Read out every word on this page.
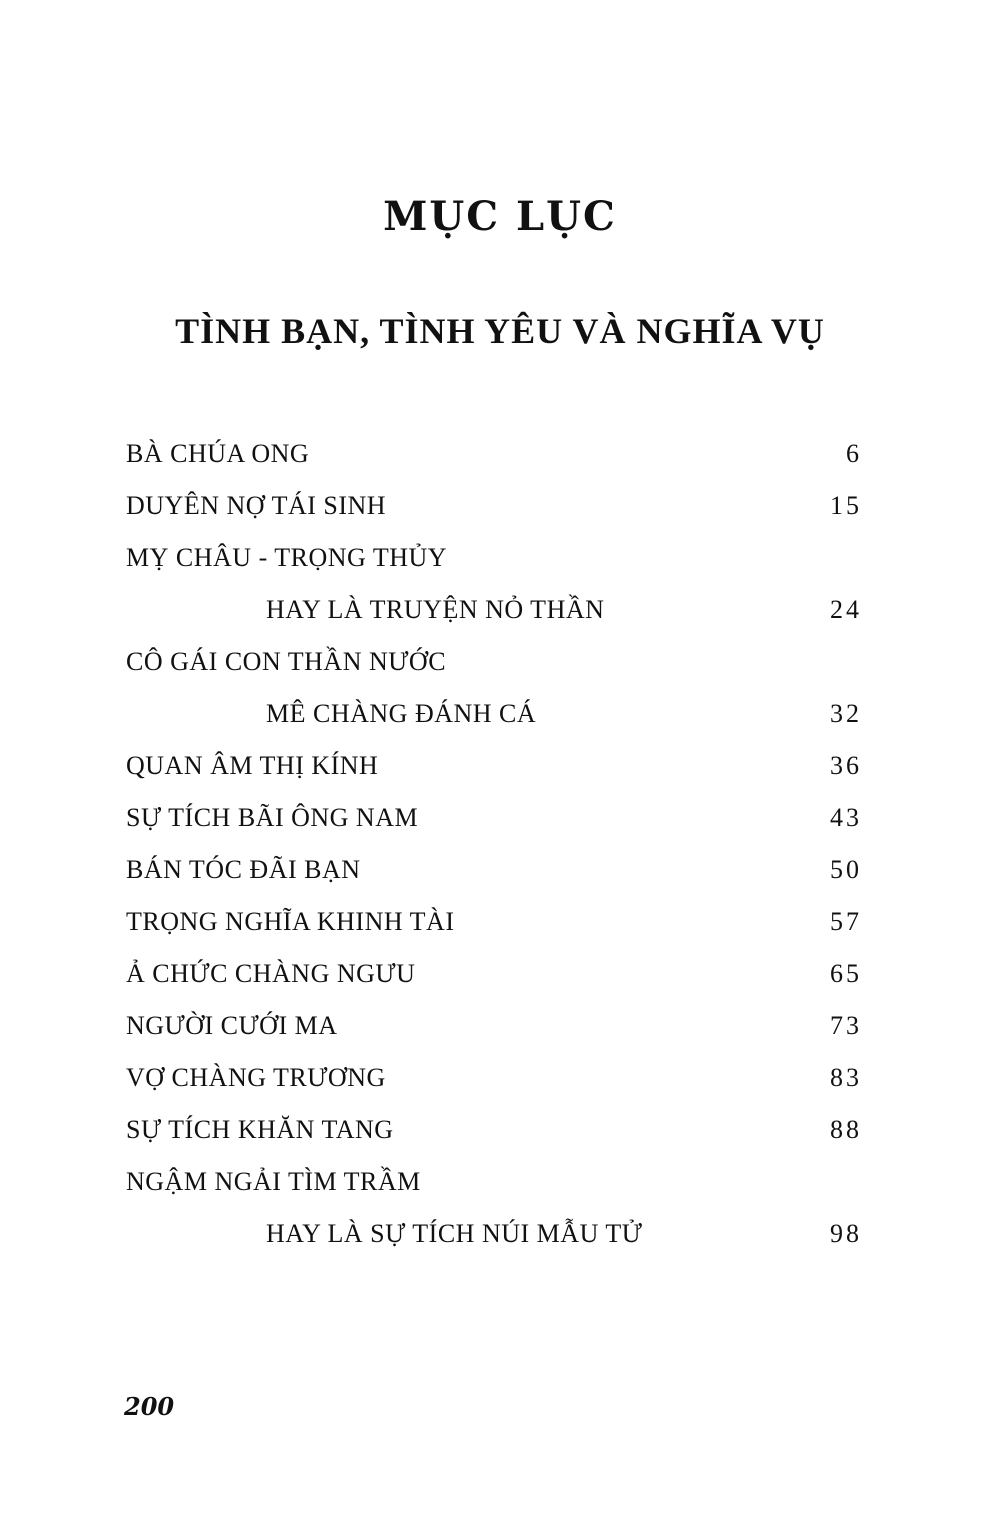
MỤC LỤC
TÌNH BẠN, TÌNH YÊU VÀ NGHĨA VỤ
BÀ CHÚA ONG	6
DUYÊN NỢ TÁI SINH	15
MỴ CHÂU - TRỌNG THỦY
HAY LÀ TRUYỆN NỎ THẦN	24
CÔ GÁI CON THẦN NƯỚC
MÊ CHÀNG ĐÁNH CÁ	32
QUAN ÂM THỊ KÍNH	36
SỰ TÍCH BÃI ÔNG NAM	43
BÁN TÓC ĐÃI BẠN	50
TRỌNG NGHĨA KHINH TÀI	57
Ả CHỨC CHÀNG NGƯU	65
NGƯỜI CƯỚI MA	73
VỢ CHÀNG TRƯƠNG	83
SỰ TÍCH KHĂN TANG	88
NGẬM NGẢI TÌM TRẦM
HAY LÀ SỰ TÍCH NÚI MẪU TỬ	98
200
